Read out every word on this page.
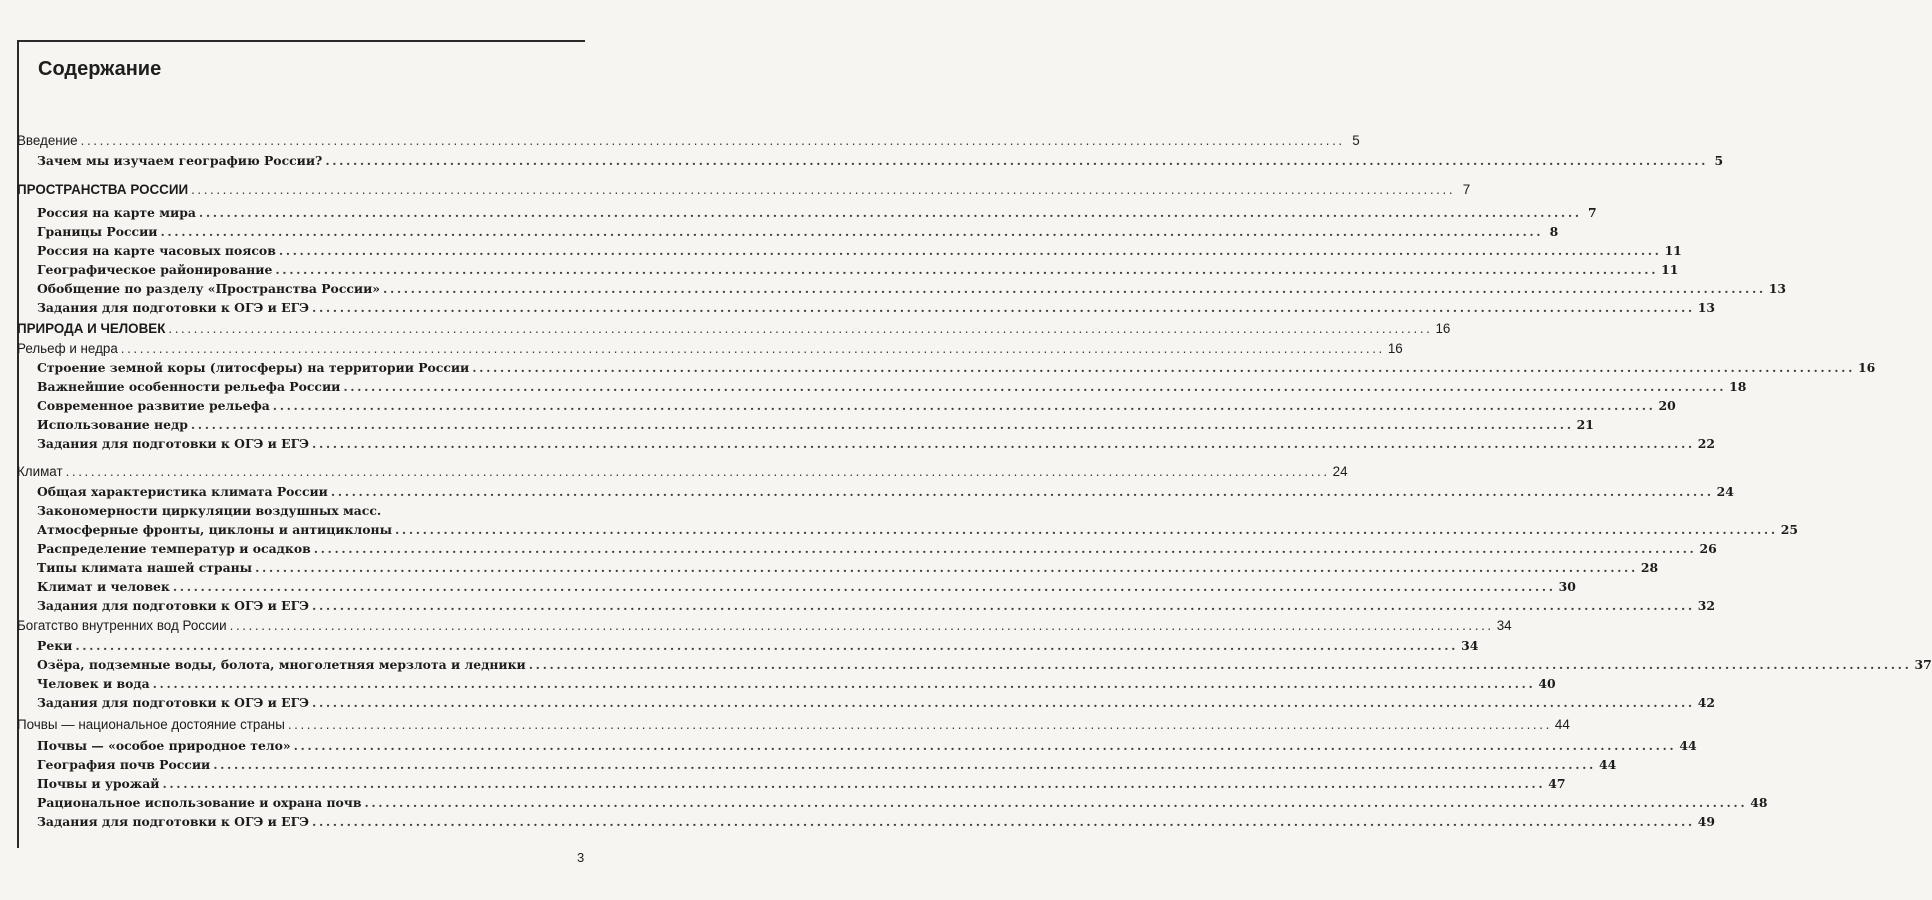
Содержание
Введение ........................................................................................................................................................................................................ 5
Зачем мы изучаем географию России? ........................................................................................................................................................................................................ 5
ПРОСТРАНСТВА РОССИИ ........................................................................................................................................................................................................ 7
Россия на карте мира ........................................................................................................................................................................................................ 7
Границы России ........................................................................................................................................................................................................ 8
Россия на карте часовых поясов ........................................................................................................................................................................................................ 11
Географическое районирование ........................................................................................................................................................................................................ 11
Обобщение по разделу «Пространства России» ........................................................................................................................................................................................................ 13
Задания для подготовки к ОГЭ и ЕГЭ ........................................................................................................................................................................................................ 13
ПРИРОДА И ЧЕЛОВЕК ........................................................................................................................................................................................................ 16
Рельеф и недра ........................................................................................................................................................................................................ 16
Строение земной коры (литосферы) на территории России ........................................................................................................................................................................................................ 16
Важнейшие особенности рельефа России ........................................................................................................................................................................................................ 18
Современное развитие рельефа ........................................................................................................................................................................................................ 20
Использование недр ........................................................................................................................................................................................................ 21
Задания для подготовки к ОГЭ и ЕГЭ ........................................................................................................................................................................................................ 22
Климат ........................................................................................................................................................................................................ 24
Общая характеристика климата России ........................................................................................................................................................................................................ 24
Закономерности циркуляции воздушных масс.
Атмосферные фронты, циклоны и антициклоны ........................................................................................................................................................................................................ 25
Распределение температур и осадков ........................................................................................................................................................................................................ 26
Типы климата нашей страны ........................................................................................................................................................................................................ 28
Климат и человек ........................................................................................................................................................................................................ 30
Задания для подготовки к ОГЭ и ЕГЭ ........................................................................................................................................................................................................ 32
Богатство внутренних вод России ........................................................................................................................................................................................................ 34
Реки ........................................................................................................................................................................................................ 34
Озёра, подземные воды, болота, многолетняя мерзлота и ледники ........................................................................................................................................................................................................ 37
Человек и вода ........................................................................................................................................................................................................ 40
Задания для подготовки к ОГЭ и ЕГЭ ........................................................................................................................................................................................................ 42
Почвы — национальное достояние страны ........................................................................................................................................................................................................ 44
Почвы — «особое природное тело» ........................................................................................................................................................................................................ 44
География почв России ........................................................................................................................................................................................................ 44
Почвы и урожай ........................................................................................................................................................................................................ 47
Рациональное использование и охрана почв ........................................................................................................................................................................................................ 48
Задания для подготовки к ОГЭ и ЕГЭ ........................................................................................................................................................................................................ 49
3
